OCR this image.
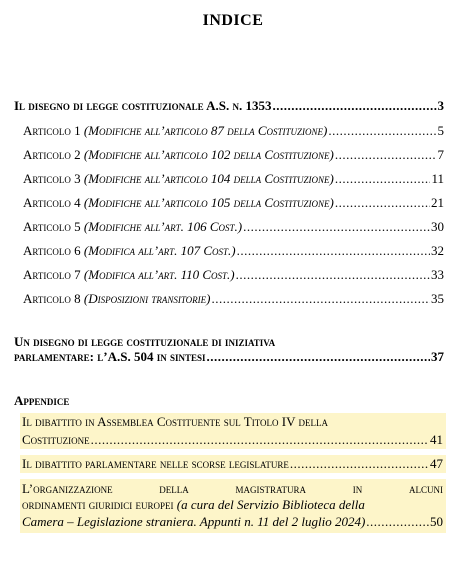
INDICE
Il disegno di legge costituzionale A.S. n. 1353 .....	3
Articolo 1 (Modifiche all’articolo 87 della Costituzione) .....	5
Articolo 2 (Modifiche all’articolo 102 della Costituzione) .....	7
Articolo 3 (Modifiche all’articolo 104 della Costituzione) .....	11
Articolo 4 (Modifiche all’articolo 105 della Costituzione) .....	21
Articolo 5 (Modifiche all’art. 106 Cost.) .....	30
Articolo 6 (Modifica all’art. 107 Cost.) .....	32
Articolo 7 (Modifica all’art. 110 Cost.) .....	33
Articolo 8 (Disposizioni transitorie) .....	35
Un disegno di legge costituzionale di iniziativa
parlamentare: l’A.S. 504 in sintesi .....	37
Appendice
Il dibattito in Assemblea Costituente sul Titolo IV della
Costituzione .....	41
Il dibattito parlamentare nelle scorse legislature .....	47
L’organizzazione	della	magistratura	in	alcuni
ordinamenti giuridici europei (a cura del Servizio Biblioteca della
Camera – Legislazione straniera. Appunti n. 11 del 2 luglio 2024) .....	50
